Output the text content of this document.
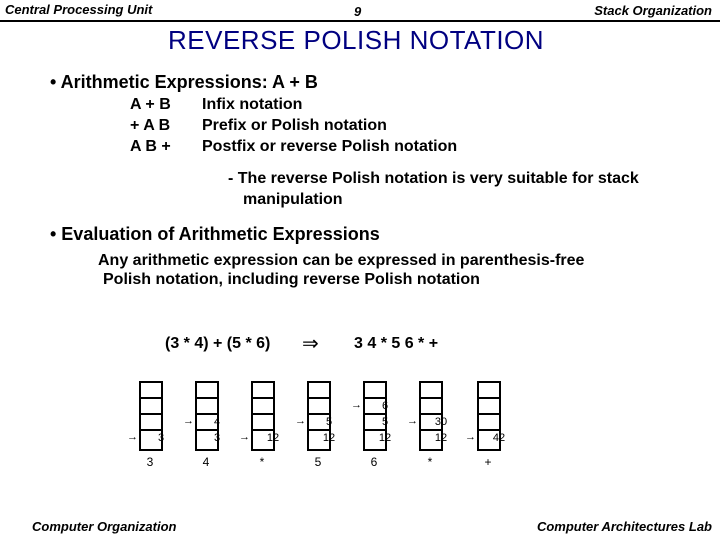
Central Processing Unit	9	Stack Organization
REVERSE POLISH NOTATION
• Arithmetic Expressions: A + B
A + B	Infix notation
+ A B	Prefix or Polish notation
A B +	Postfix or reverse Polish notation
- The reverse Polish notation is very suitable for stack
manipulation
• Evaluation of Arithmetic Expressions
Any arithmetic expression can be expressed in parenthesis-free
Polish notation, including reverse Polish notation
(3 * 4) + (5 * 6) ⇒ 3 4 * 5 6 * +
→	3
3
→	4
3
4
→	12
*
→	5
12
5
→	6
5
12
6
→	30
12
*
→	42
+
Computer Organization	Computer Architectures Lab
